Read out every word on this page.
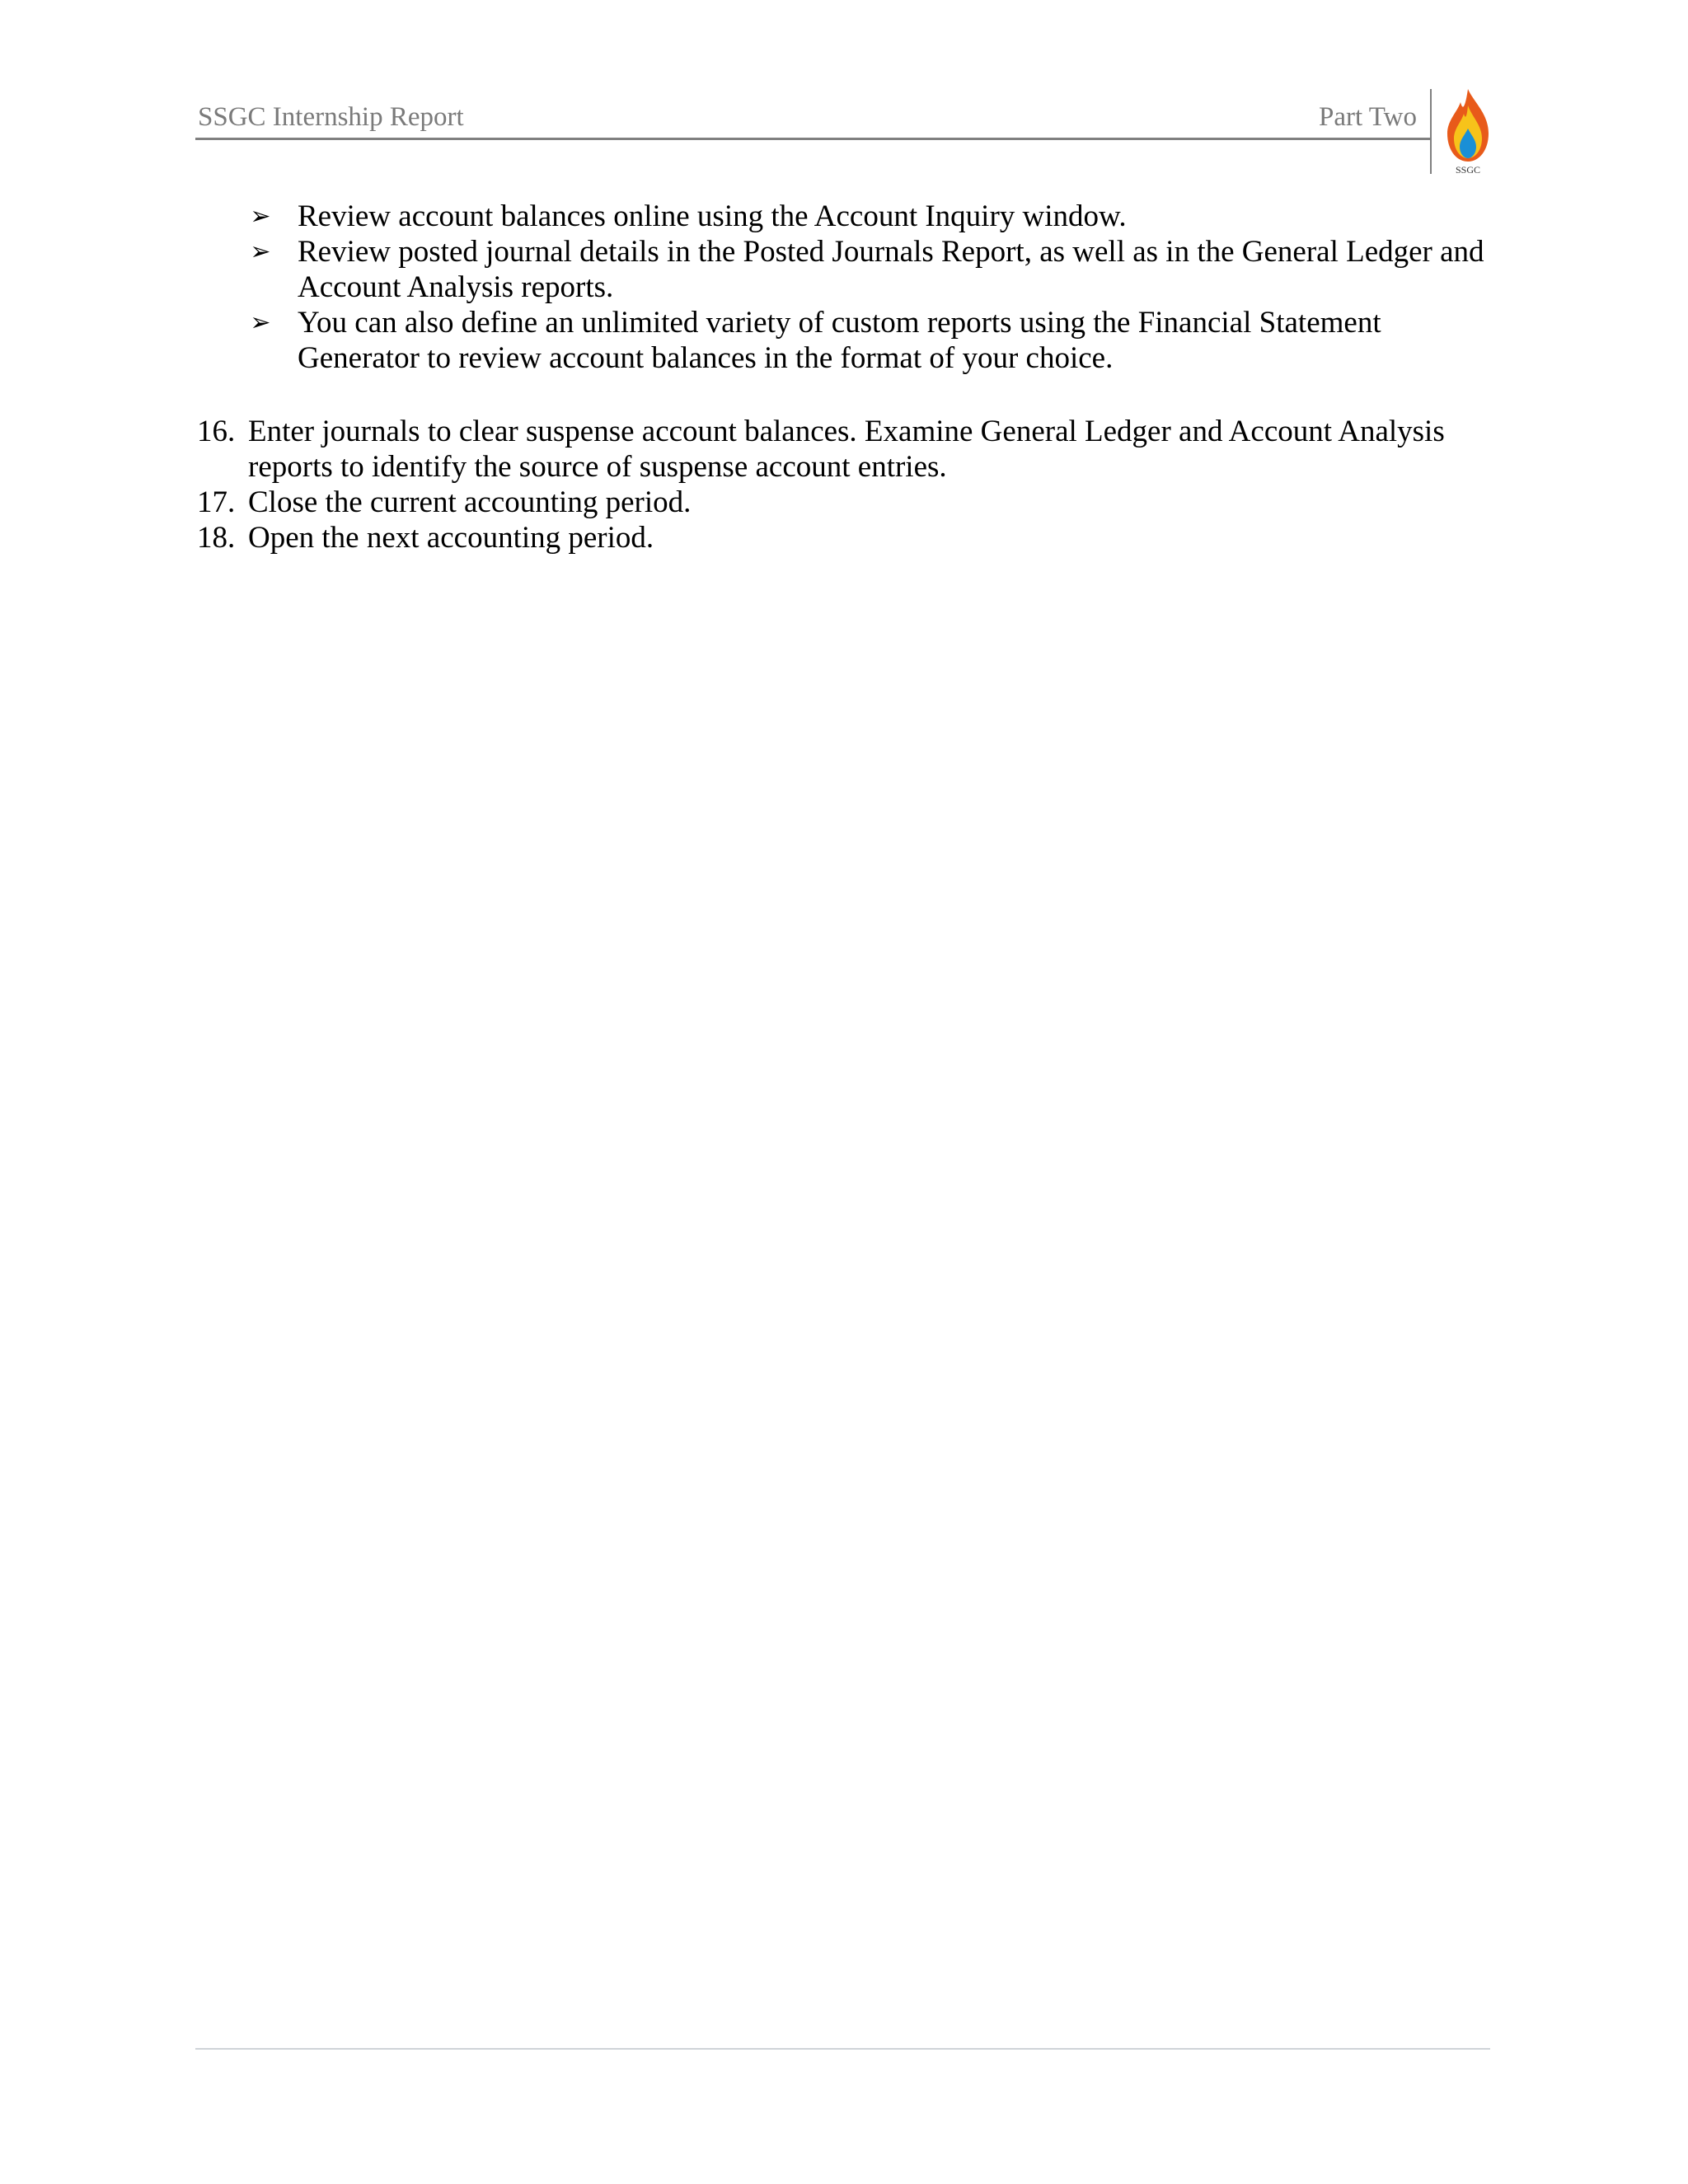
SSGC Internship Report	Part Two
SSGC
➢ Review account balances online using the Account Inquiry window.
➢ Review posted journal details in the Posted Journals Report, as well as in the General Ledger and Account Analysis reports.
➢ You can also define an unlimited variety of custom reports using the Financial Statement Generator to review account balances in the format of your choice.
16. Enter journals to clear suspense account balances. Examine General Ledger and Account Analysis reports to identify the source of suspense account entries.
17. Close the current accounting period.
18. Open the next accounting period.
